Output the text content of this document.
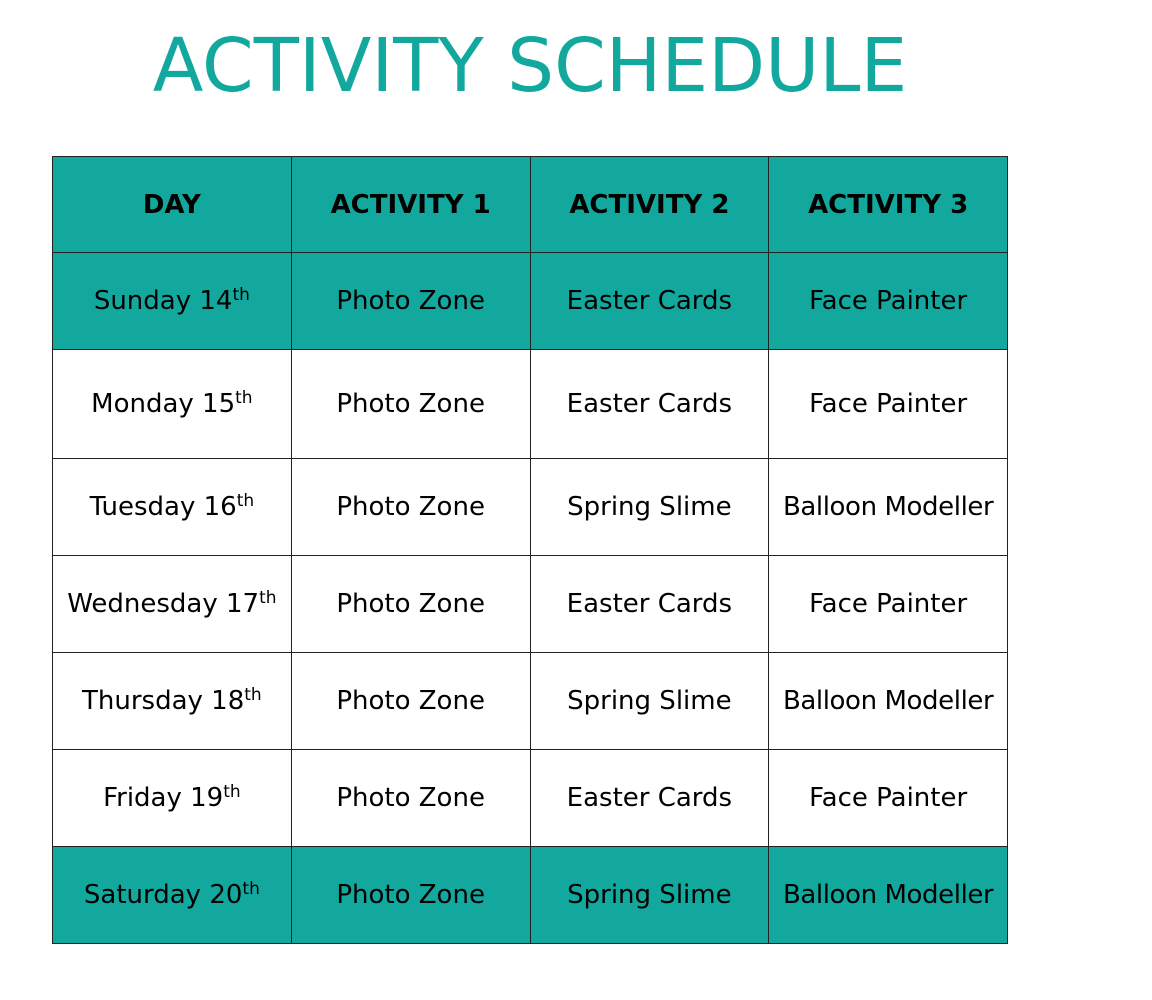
ACTIVITY SCHEDULE
DAY	ACTIVITY 1	ACTIVITY 2	ACTIVITY 3
Sunday 14th	Photo Zone	Easter Cards	Face Painter
Monday 15th	Photo Zone	Easter Cards	Face Painter
Tuesday 16th	Photo Zone	Spring Slime	Balloon Modeller
Wednesday 17th	Photo Zone	Easter Cards	Face Painter
Thursday 18th	Photo Zone	Spring Slime	Balloon Modeller
Friday 19th	Photo Zone	Easter Cards	Face Painter
Saturday 20th	Photo Zone	Spring Slime	Balloon Modeller
